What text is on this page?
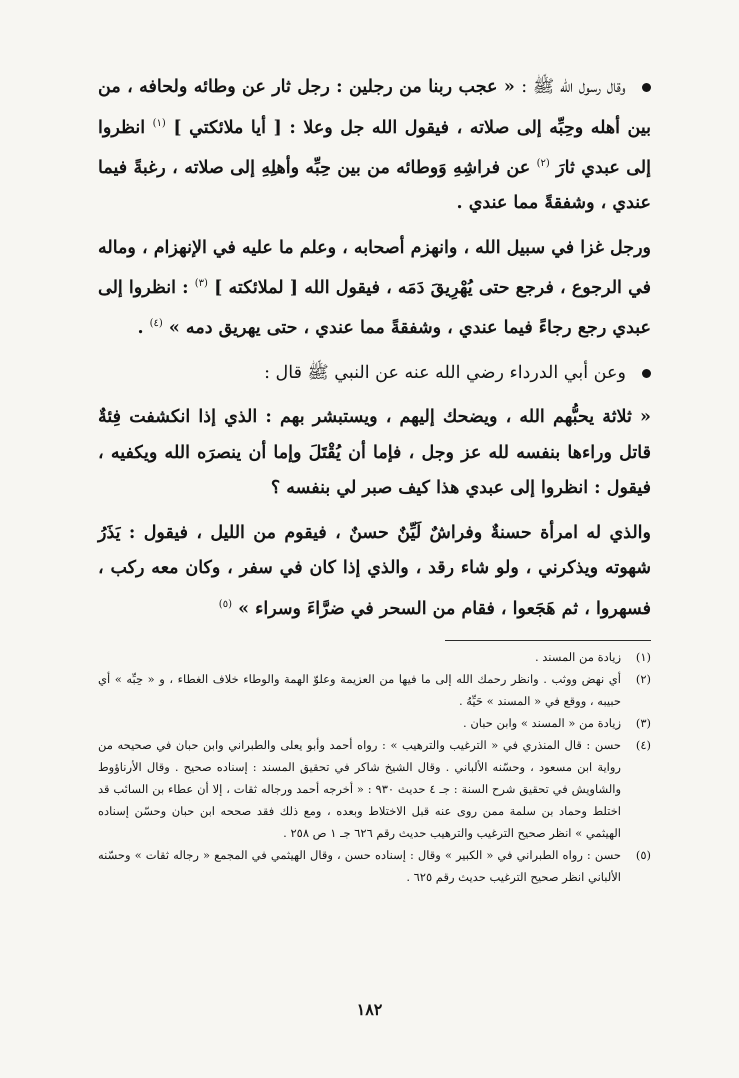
وقال رسول الله ﷺ : « عجب ربنا من رجلين : رجل ثار عن وطائه ولحافه ، من بين أهله وحِبِّه إلى صلاته ، فيقول الله جل وعلا : [ أيا ملائكتي ] $^{(١)}$ انظروا إلى عبدي ثارَ $^{(٢)}$ عن فراشِهِ وَوطائه من بين حِبِّه وأهلِهِ إلى صلاته ، رغبةً فيما عندي ، وشفقةً مما عندي .

ورجل غزا في سبيل الله ، وانهزم أصحابه ، وعلم ما عليه في الإنهزام ، وماله في الرجوع ، فرجع حتى يُهْرِيقَ دَمَه ، فيقول الله [ لملائكته ] $^{(٣)}$ : انظروا إلى عبدي رجع رجاءً فيما عندي ، وشفقةً مما عندي ، حتى يهريق دمه » $^{(٤)}$ .

وعن أبي الدرداء رضي الله عنه عن النبي ﷺ قال :

« ثلاثة يحبُّهم الله ، ويضحك إليهم ، ويستبشر بهم : الذي إذا انكشفت فِئةٌ قاتل وراءها بنفسه لله عز وجل ، فإما أن يُقْتَلَ وإما أن ينصرَه الله ويكفيه ، فيقول : انظروا إلى عبدي هذا كيف صبر لي بنفسه ؟

والذي له امرأة حسنةٌ وفراشٌ لَيِّنٌ حسنٌ ، فيقوم من الليل ، فيقول : يَذَرُ شهوته ويذكرني ، ولو شاء رقد ، والذي إذا كان في سفر ، وكان معه ركب ، فسهروا ، ثم هَجَعوا ، فقام من السحر في ضرَّاءَ وسراء » $^{(٥)}$

(١)
زيادة من المسند .

(٢)
أي نهض ووثب . وانظر رحمك الله إلى ما فيها من العزيمة وعلوّ الهمة والوطاء خلاف الغطاء ، و « حِبِّه » أي حبيبه ، ووقع في « المسند » حَيِّهُ .

(٣)
زيادة من « المسند » وابن حبان .

(٤)
حسن : قال المنذري في « الترغيب والترهيب » : رواه أحمد وأبو يعلى والطبراني وابن حبان في صحيحه من رواية ابن مسعود ، وحسّنه الألباني . وقال الشيخ شاكر في تحقيق المسند : إسناده صحيح . وقال الأرناؤوط والشاويش في تحقيق شرح السنة : جـ ٤ حديث ٩٣٠ : « أخرجه أحمد ورجاله ثقات ، إلا أن عطاء بن السائب قد اختلط وحماد بن سلمة ممن روى عنه قبل الاختلاط وبعده ، ومع ذلك فقد صححه ابن حبان وحسّن إسناده الهيثمي » انظر صحيح الترغيب والترهيب حديث رقم ٦٢٦ جـ ١ ص ٢٥٨ .

(٥)
حسن : رواه الطبراني في « الكبير » وقال : إسناده حسن ، وقال الهيثمي في المجمع « رجاله ثقات » وحسّنه الألباني انظر صحيح الترغيب حديث رقم ٦٢٥ .

١٨٢
